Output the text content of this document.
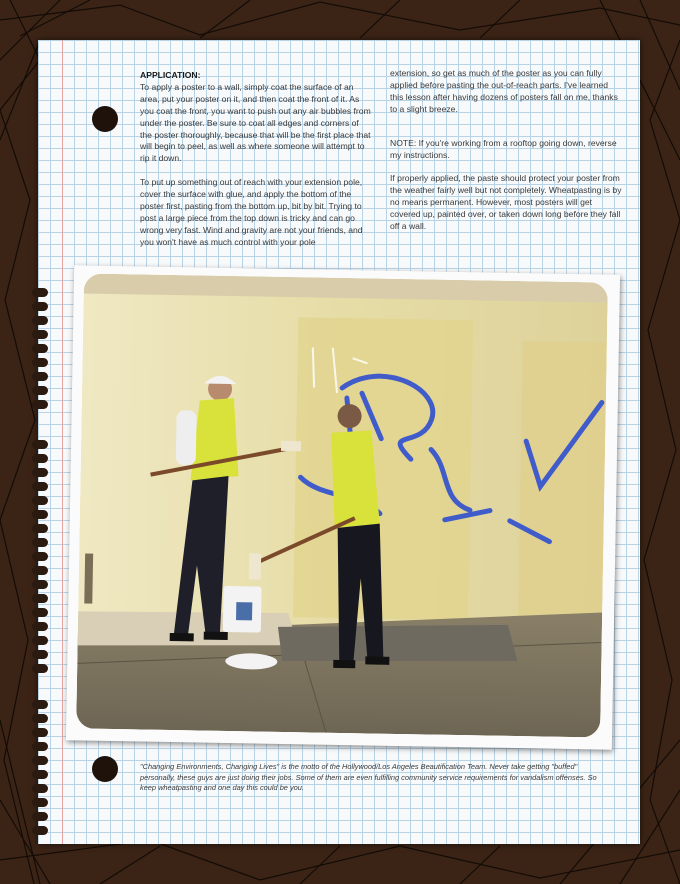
APPLICATION:

To apply a poster to a wall, simply coat the surface of an area, put your poster on it, and then coat the front of it. As you coat the front, you want to push out any air bubbles from under the poster. Be sure to coat all edges and corners of the poster thoroughly, because that will be the first place that will begin to peel, as well as where someone will attempt to rip it down.

To put up something out of reach with your extension pole, cover the surface with glue, and apply the bottom of the poster first, pasting from the bottom up, bit by bit. Trying to post a large piece from the top down is tricky and can go wrong very fast. Wind and gravity are not your friends, and you won't have as much control with your pole

extension, so get as much of the poster as you can fully applied before pasting the out-of-reach parts. I've learned this lesson after having dozens of posters fall on me, thanks to a slight breeze.

NOTE: If you're working from a rooftop going down, reverse my instructions.

If properly applied, the paste should protect your poster from the weather fairly well but not completely. Wheatpasting is by no means permanent. However, most posters will get covered up, painted over, or taken down long before they fall off a wall.

"Changing Environments, Changing Lives" is the motto of the Hollywood/Los Angeles Beautification Team. Never take getting "buffed" personally, these guys are just doing their jobs. Some of them are even fulfilling community service requirements for vandalism offenses. So keep wheatpasting and one day this could be you.
